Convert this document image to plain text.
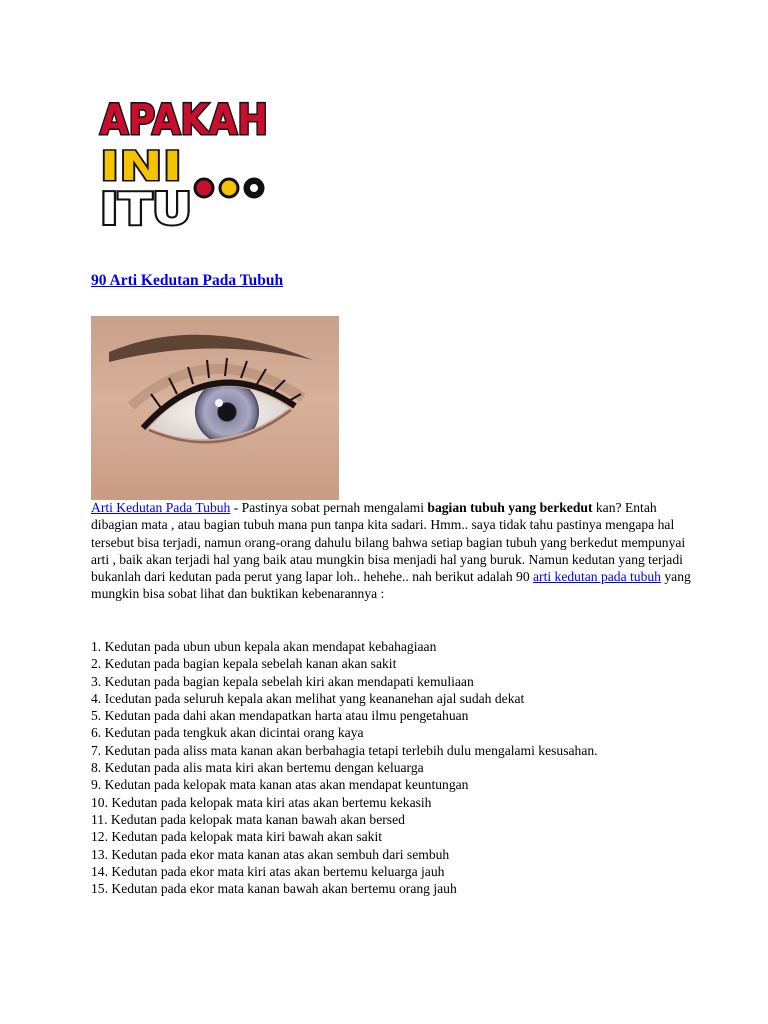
APAKAH
INI
ITU
90 Arti Kedutan Pada Tubuh
Arti Kedutan Pada Tubuh - Pastinya sobat pernah mengalami bagian tubuh yang berkedut kan? Entah dibagian mata , atau bagian tubuh mana pun tanpa kita sadari. Hmm.. saya tidak tahu pastinya mengapa hal tersebut bisa terjadi, namun orang-orang dahulu bilang bahwa setiap bagian tubuh yang berkedut mempunyai arti , baik akan terjadi hal yang baik atau mungkin bisa menjadi hal yang buruk. Namun kedutan yang terjadi bukanlah dari kedutan pada perut yang lapar loh.. hehehe.. nah berikut adalah 90 arti kedutan pada tubuh yang mungkin bisa sobat lihat dan buktikan kebenarannya :
1. Kedutan pada ubun ubun kepala akan mendapat kebahagiaan
2. Kedutan pada bagian kepala sebelah kanan akan sakit
3. Kedutan pada bagian kepala sebelah kiri akan mendapati kemuliaan
4. Icedutan pada seluruh kepala akan melihat yang keananehan ajal sudah dekat
5. Kedutan pada dahi akan mendapatkan harta atau ilmu pengetahuan
6. Kedutan pada tengkuk akan dicintai orang kaya
7. Kedutan pada aliss mata kanan akan berbahagia tetapi terlebih dulu mengalami kesusahan.
8. Kedutan pada alis mata kiri akan bertemu dengan keluarga
9. Kedutan pada kelopak mata kanan atas akan mendapat keuntungan
10. Kedutan pada kelopak mata kiri atas akan bertemu kekasih
11. Kedutan pada kelopak mata kanan bawah akan bersed
12. Kedutan pada kelopak mata kiri bawah akan sakit
13. Kedutan pada ekor mata kanan atas akan sembuh dari sembuh
14. Kedutan pada ekor mata kiri atas akan bertemu keluarga jauh
15. Kedutan pada ekor mata kanan bawah akan bertemu orang jauh
